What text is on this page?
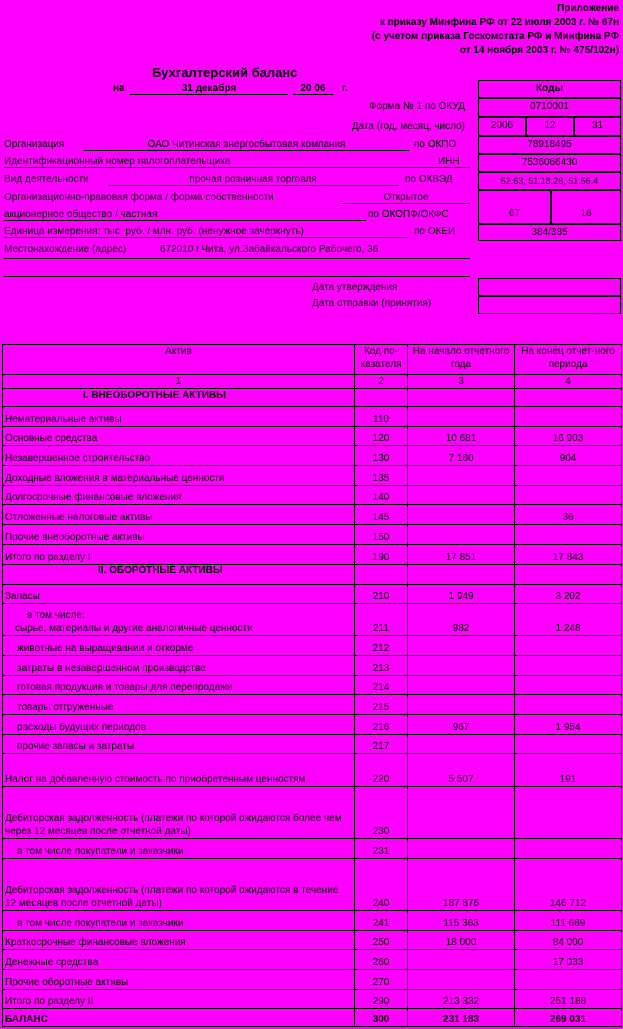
Приложение
к приказу Минфина РФ от 22 июля 2003 г. № 67н
(с учетом приказа Госкомстата РФ и Минфина РФ
от 14 ноября 2003 г. № 475/102н)
Бухгалтерский баланс
на	31 декабря	20 06	г.	Коды
Форма № 1 по ОКУД	0710001
Дата (год, месяц, число)	2006	12	31
Организация	ОАО Читинская энергосбытовая компания	по ОКПО	78918495
Идентификационный номер налогоплательщика	ИНН	7536066430
Вид деятельности	прочая розничная торговля	по ОКВЭД	52.63, 51.18.26, 51.56.4
Организационно-правовая форма / форма собственности	Открытое
акционерное общество / частная	по ОКОПФ/ОКФС	67	16
Единица измерения: тыс. руб. / млн. руб. (ненужное зачеркнуть)	по ОКЕИ	384/385
Местонахождение (адрес)	672010 г.Чита, ул.Забайкальского Рабочего, 36
Дата утверждения
Дата отправки (принятия)
Актив	Код по-казателя	На начало отчетного года	На конец отчет-ного периода
1	2	3	4
I. ВНЕОБОРОТНЫЕ АКТИВЫ			
Нематериальные активы	110		
Основные средства	120	10 681	16 903
Незавершенное строительство	130	7 160	904
Доходные вложения в материальные ценности	135		
Долгосрочные финансовые вложения	140		
Отложенные налоговые активы	145		36
Прочие внеоборотные активы	150		
Итого по разделу I	190	17 851	17 843
II. ОБОРОТНЫЕ АКТИВЫ			
Запасы	210	1 949	3 202

в том числе:
сырье, материалы и другие аналогичные ценности	211	982	1 248
животные на выращивании и откорме	212		
затраты в незавершенном производстве	213		
готовая продукция и товары для перепродажи	214		
товары отгруженные	215		
расходы будущих периодов	216	967	1 954
прочие запасы и затраты	217		
Налог на добавленную стоимость по приобретенным ценностям	220	5 507	191
Дебиторская задолженность (платежи по которой ожидаются более чем через 12 месяцев после отчетной даты)	230		
в том числе покупатели и заказчики	231		
Дебиторская задолженность (платежи по которой ожидаются в течение 12 месяцев после отчетной даты)	240	187 876	146 712
в том числе покупатели и заказчики	241	115 363	111 669
Краткосрочные финансовые вложения	250	18 000	84 000
Денежные средства	260		17 033
Прочие оборотные активы	270		
Итого по разделу II	290	213 332	251 188
БАЛАНС	300	231 183	269 031
